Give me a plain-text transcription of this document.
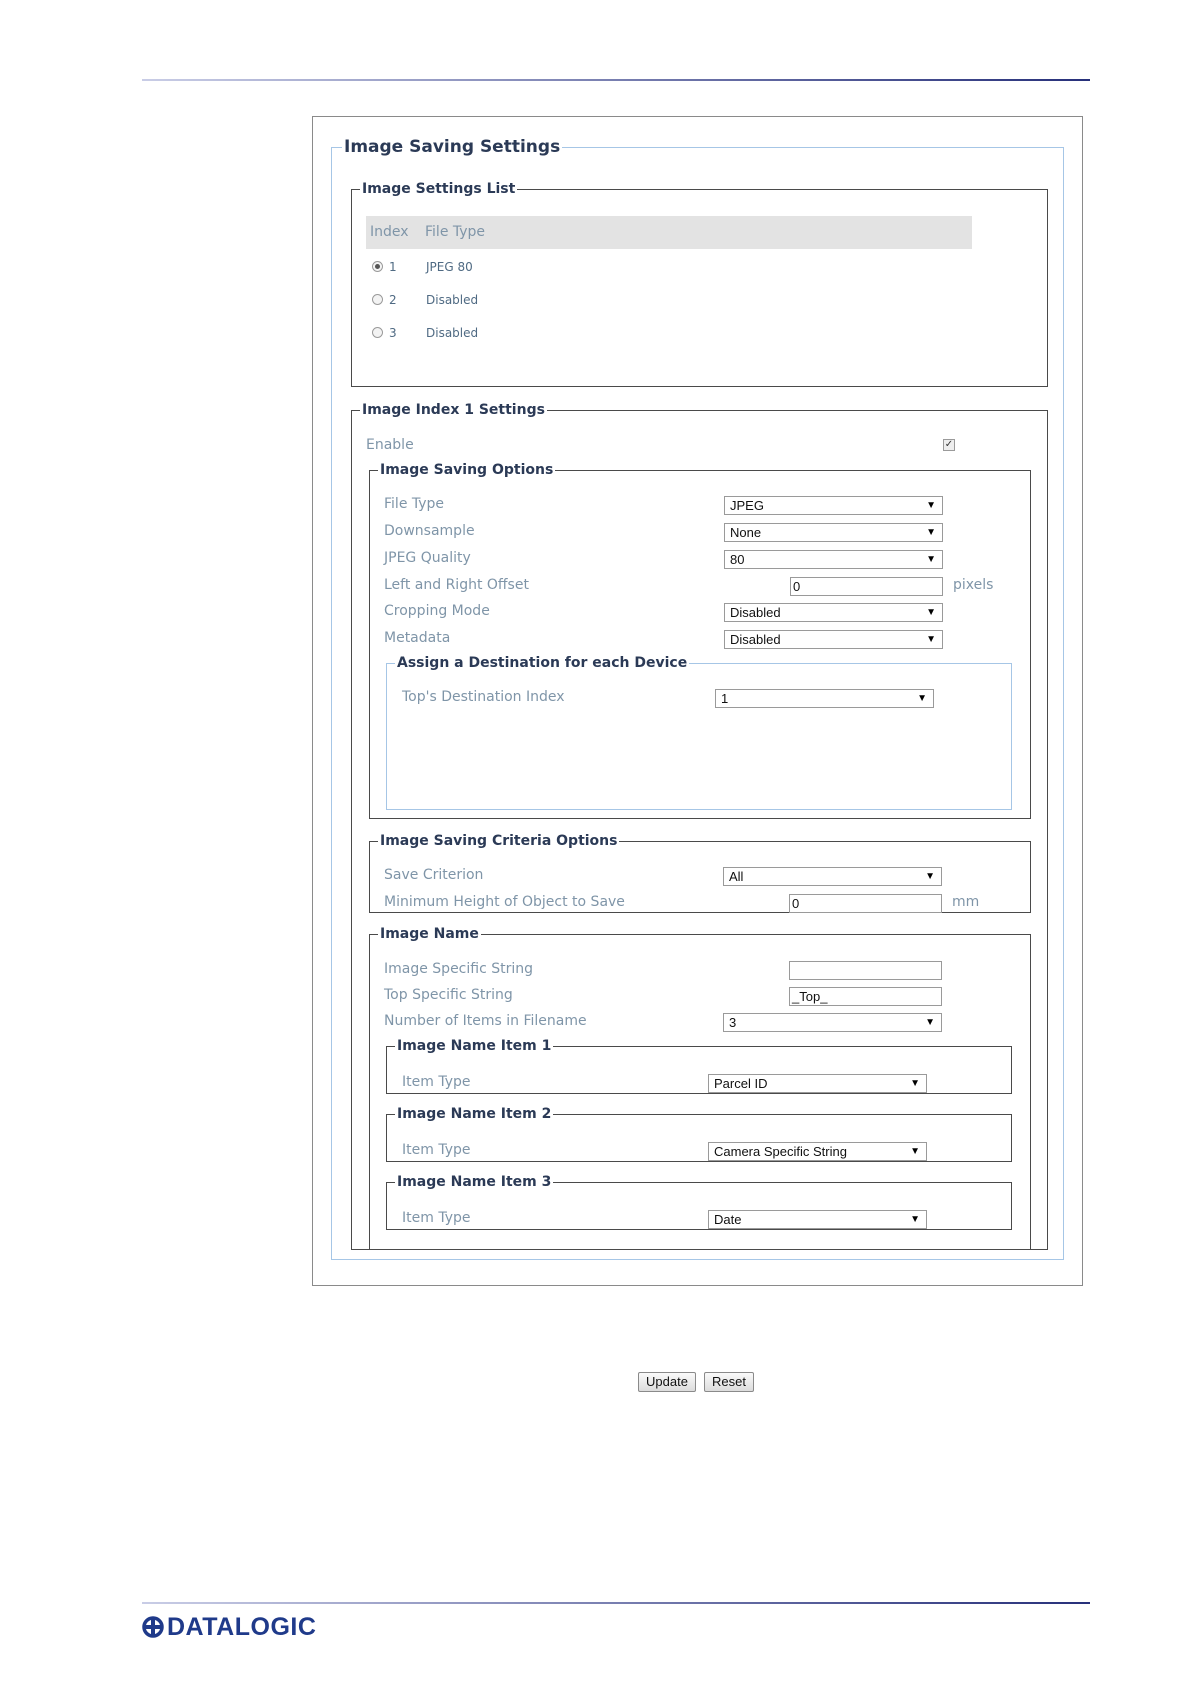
Image Saving Settings
Image Settings List
Index File Type
1 JPEG 80
2 Disabled
3 Disabled
Image Index 1 Settings
Enable	✓
Image Saving Options
File Type	JPEG	▼
Downsample	None	▼
JPEG Quality	80	▼
Left and Right Offset	0	pixels
Cropping Mode	Disabled	▼
Metadata	Disabled	▼
Assign a Destination for each Device
Top's Destination Index	1	▼
Image Saving Criteria Options
Save Criterion	All	▼
Minimum Height of Object to Save	0	mm
Image Name
Image Specific String
Top Specific String	_Top_
Number of Items in Filename	3	▼
Image Name Item 1
Item Type	Parcel ID	▼
Image Name Item 2
Item Type	Camera Specific String	▼
Image Name Item 3
Item Type	Date	▼
Update	Reset
DATALOGIC
